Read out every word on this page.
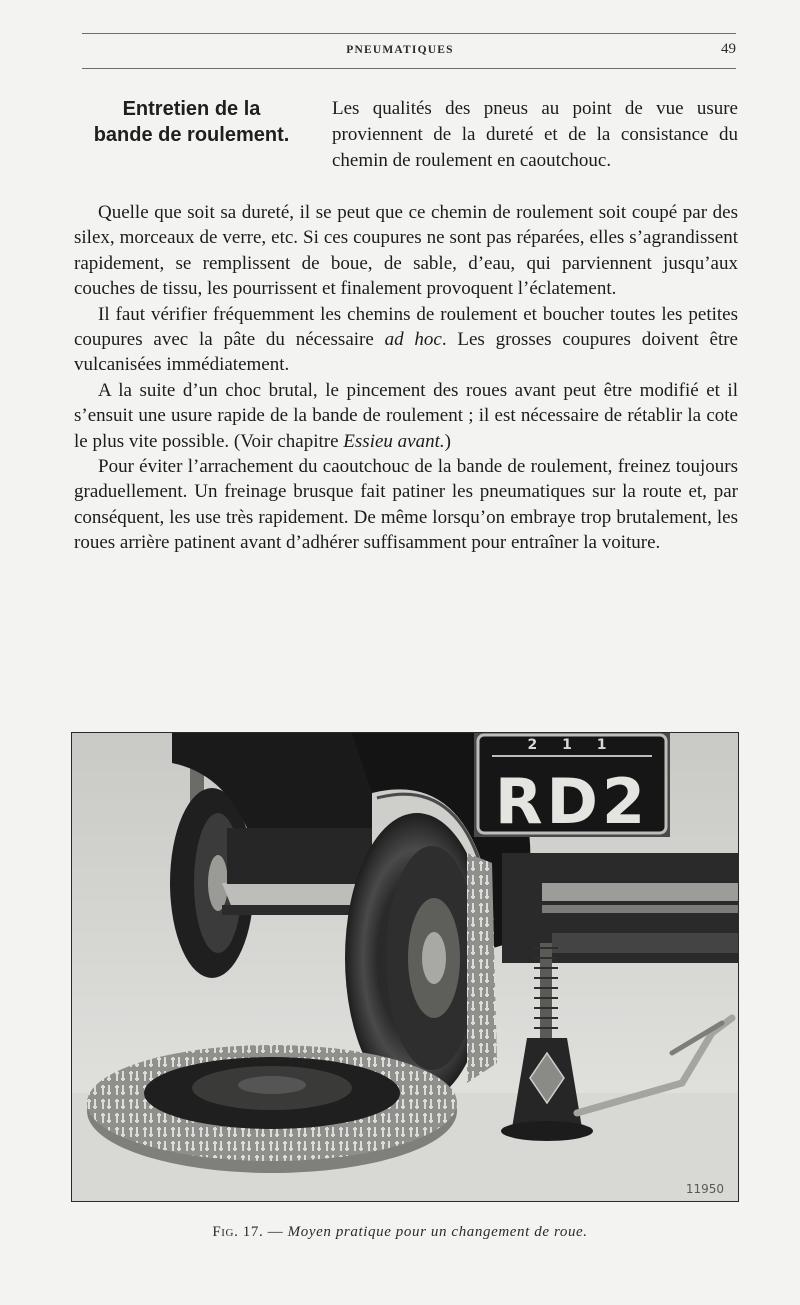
PNEUMATIQUES	49
Entretien de la
bande de roulement.
Les qualités des pneus au point de vue usure proviennent de la dureté et de la consistance du chemin de roulement en caoutchouc.

Quelle que soit sa dureté, il se peut que ce chemin de roulement soit coupé par des silex, morceaux de verre, etc. Si ces coupures ne sont pas réparées, elles s’agrandissent rapidement, se remplissent de boue, de sable, d’eau, qui parviennent jusqu’aux couches de tissu, les pourrissent et finalement provoquent l’éclatement.

Il faut vérifier fréquemment les chemins de roulement et boucher toutes les petites coupures avec la pâte du nécessaire ad hoc. Les grosses coupures doivent être vulcanisées immédiatement.

A la suite d’un choc brutal, le pincement des roues avant peut être modifié et il s’ensuit une usure rapide de la bande de roulement ; il est nécessaire de rétablir la cote le plus vite possible. (Voir chapitre Essieu avant.)

Pour éviter l’arrachement du caoutchouc de la bande de roulement, freinez toujours graduellement. Un freinage brusque fait patiner les pneumatiques sur la route et, par conséquent, les use très rapidement. De même lorsqu’on embraye trop brutalement, les roues arrière patinent avant d’adhérer suffisamment pour entraîner la voiture.

2 1 1
RD2
11950
Fig. 17. — Moyen pratique pour un changement de roue.
